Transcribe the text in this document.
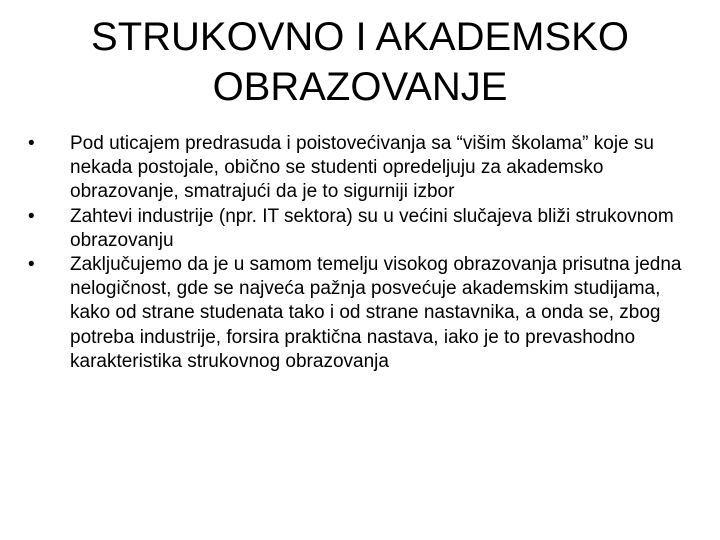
STRUKOVNO I AKADEMSKO
OBRAZOVANJE
•	Pod uticajem predrasuda i poistovećivanja sa “višim školama” koje su nekada postojale, obično se studenti opredeljuju za akademsko obrazovanje, smatrajući da je to sigurniji izbor
•	Zahtevi industrije (npr. IT sektora) su u većini slučajeva bliži strukovnom obrazovanju
•	Zaključujemo da je u samom temelju visokog obrazovanja prisutna jedna nelogičnost, gde se najveća pažnja posvećuje akademskim studijama, kako od strane studenata tako i od strane nastavnika, a onda se, zbog potreba industrije, forsira praktična nastava, iako je to prevashodno karakteristika strukovnog obrazovanja
